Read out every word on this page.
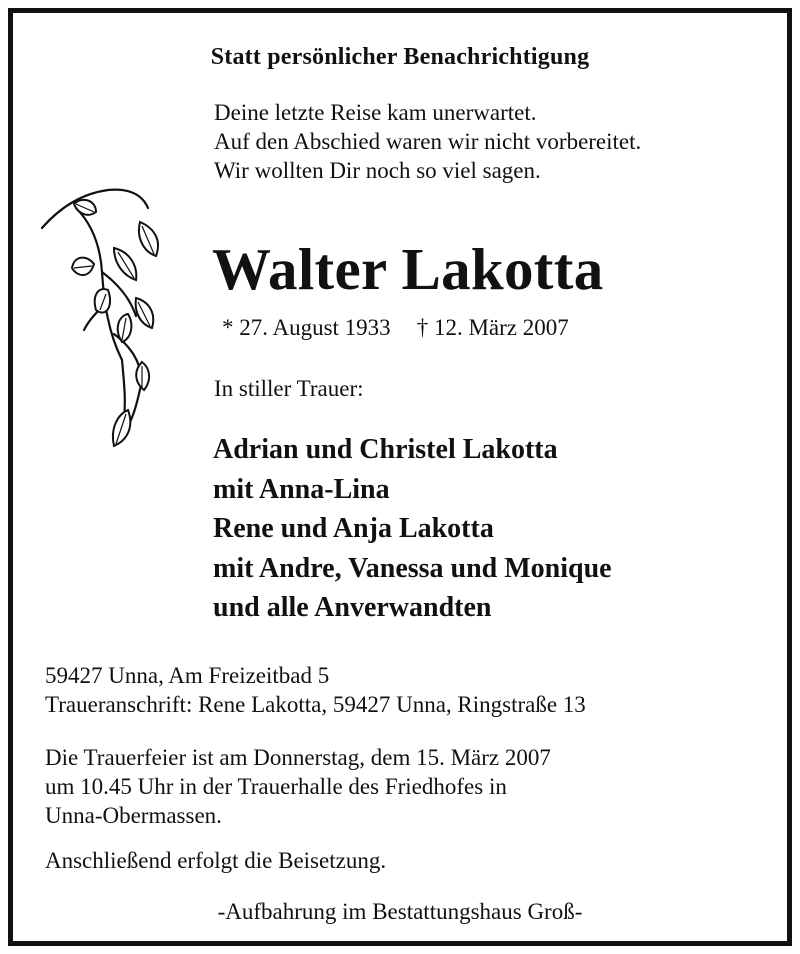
Statt persönlicher Benachrichtigung
Deine letzte Reise kam unerwartet.
Auf den Abschied waren wir nicht vorbereitet.
Wir wollten Dir noch so viel sagen.
Walter Lakotta
* 27. August 1933 † 12. März 2007
In stiller Trauer:
Adrian und Christel Lakotta
mit Anna-Lina
Rene und Anja Lakotta
mit Andre, Vanessa und Monique
und alle Anverwandten
59427 Unna, Am Freizeitbad 5
Traueranschrift: Rene Lakotta, 59427 Unna, Ringstraße 13
Die Trauerfeier ist am Donnerstag, dem 15. März 2007
um 10.45 Uhr in der Trauerhalle des Friedhofes in
Unna-Obermassen.
Anschließend erfolgt die Beisetzung.
-Aufbahrung im Bestattungshaus Groß-
